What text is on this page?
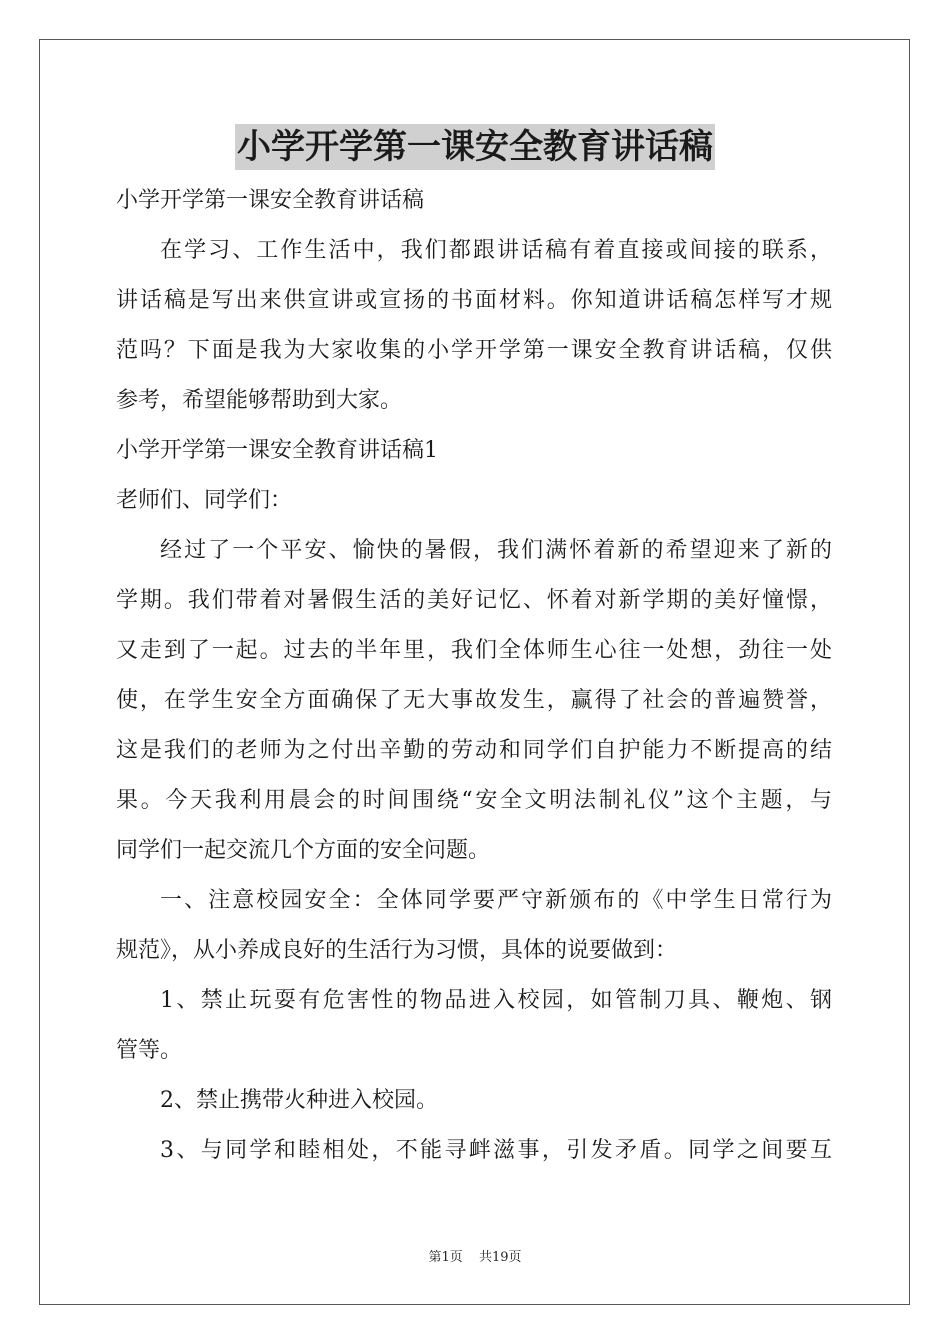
小学开学第一课安全教育讲话稿
小学开学第一课安全教育讲话稿
在学习、工作生活中，我们都跟讲话稿有着直接或间接的联系，
讲话稿是写出来供宣讲或宣扬的书面材料。你知道讲话稿怎样写才规
范吗？下面是我为大家收集的小学开学第一课安全教育讲话稿，仅供
参考，希望能够帮助到大家。
小学开学第一课安全教育讲话稿1
老师们、同学们：
经过了一个平安、愉快的暑假，我们满怀着新的希望迎来了新的
学期。我们带着对暑假生活的美好记忆、怀着对新学期的美好憧憬，
又走到了一起。过去的半年里，我们全体师生心往一处想，劲往一处
使，在学生安全方面确保了无大事故发生，赢得了社会的普遍赞誉，
这是我们的老师为之付出辛勤的劳动和同学们自护能力不断提高的结
果。今天我利用晨会的时间围绕“安全文明法制礼仪”这个主题，与
同学们一起交流几个方面的安全问题。
一、注意校园安全：全体同学要严守新颁布的《中学生日常行为
规范》，从小养成良好的生活行为习惯，具体的说要做到：
1、禁止玩耍有危害性的物品进入校园，如管制刀具、鞭炮、钢
管等。
2、禁止携带火种进入校园。
3、与同学和睦相处，不能寻衅滋事，引发矛盾。同学之间要互
第1页 共19页
